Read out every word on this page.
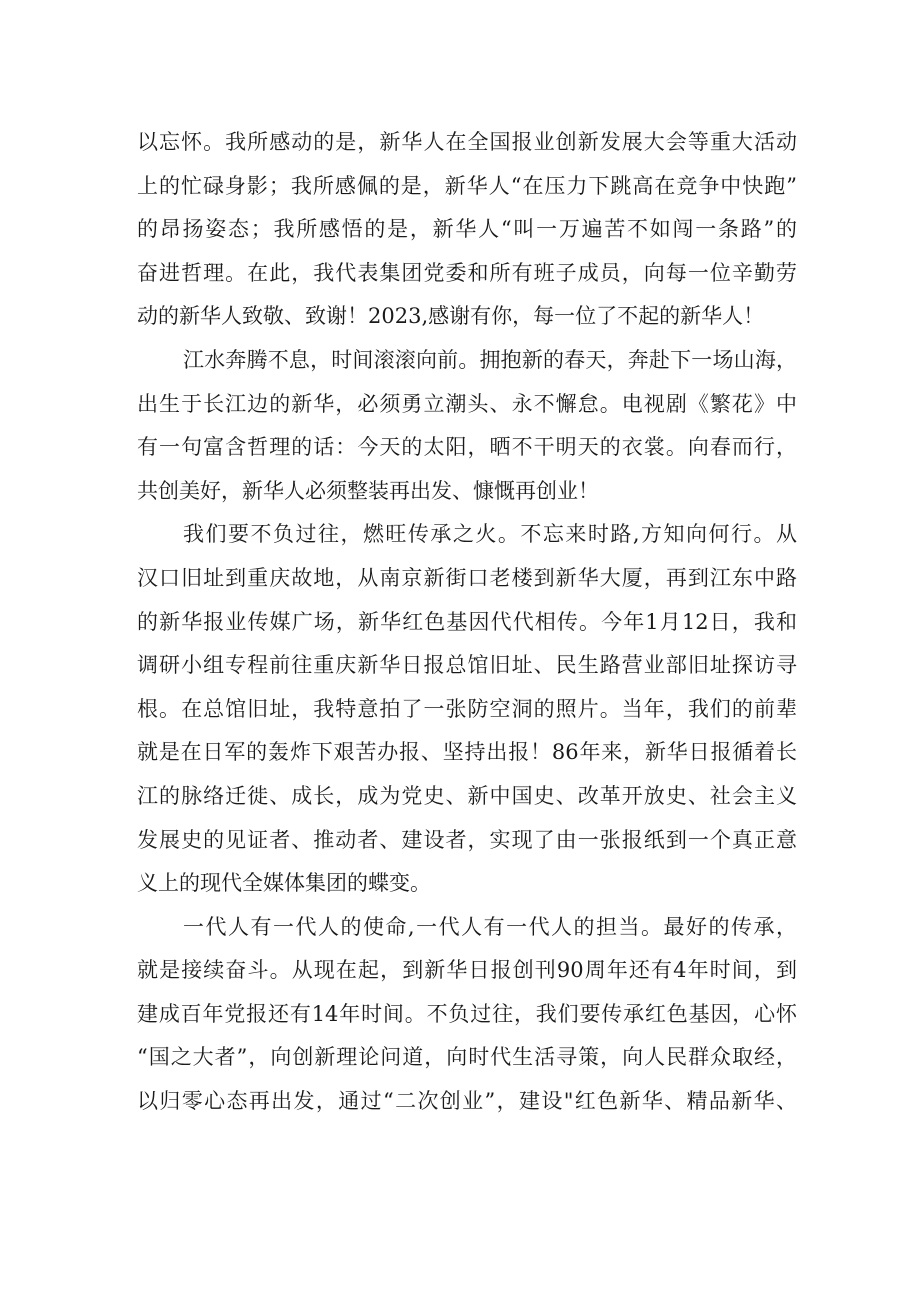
以忘怀。我所感动的是，新华人在全国报业创新发展大会等重大活动
上的忙碌身影；我所感佩的是，新华人“在压力下跳高在竞争中快跑”
的昂扬姿态；我所感悟的是，新华人“叫一万遍苦不如闯一条路”的
奋进哲理。在此，我代表集团党委和所有班子成员，向每一位辛勤劳
动的新华人致敬、致谢！2023,感谢有你，每一位了不起的新华人！
江水奔腾不息，时间滚滚向前。拥抱新的春天，奔赴下一场山海，
出生于长江边的新华，必须勇立潮头、永不懈怠。电视剧《繁花》中
有一句富含哲理的话：今天的太阳，晒不干明天的衣裳。向春而行，
共创美好，新华人必须整装再出发、慷慨再创业！
我们要不负过往，燃旺传承之火。不忘来时路,方知向何行。从
汉口旧址到重庆故地，从南京新街口老楼到新华大厦，再到江东中路
的新华报业传媒广场，新华红色基因代代相传。今年1月12日，我和
调研小组专程前往重庆新华日报总馆旧址、民生路营业部旧址探访寻
根。在总馆旧址，我特意拍了一张防空洞的照片。当年，我们的前辈
就是在日军的轰炸下艰苦办报、坚持出报！86年来，新华日报循着长
江的脉络迁徙、成长，成为党史、新中国史、改革开放史、社会主义
发展史的见证者、推动者、建设者，实现了由一张报纸到一个真正意
义上的现代全媒体集团的蝶变。
一代人有一代人的使命,一代人有一代人的担当。最好的传承，
就是接续奋斗。从现在起，到新华日报创刊90周年还有4年时间，到
建成百年党报还有14年时间。不负过往，我们要传承红色基因，心怀
“国之大者”，向创新理论问道，向时代生活寻策，向人民群众取经，
以归零心态再出发，通过“二次创业”，建设"红色新华、精品新华、
